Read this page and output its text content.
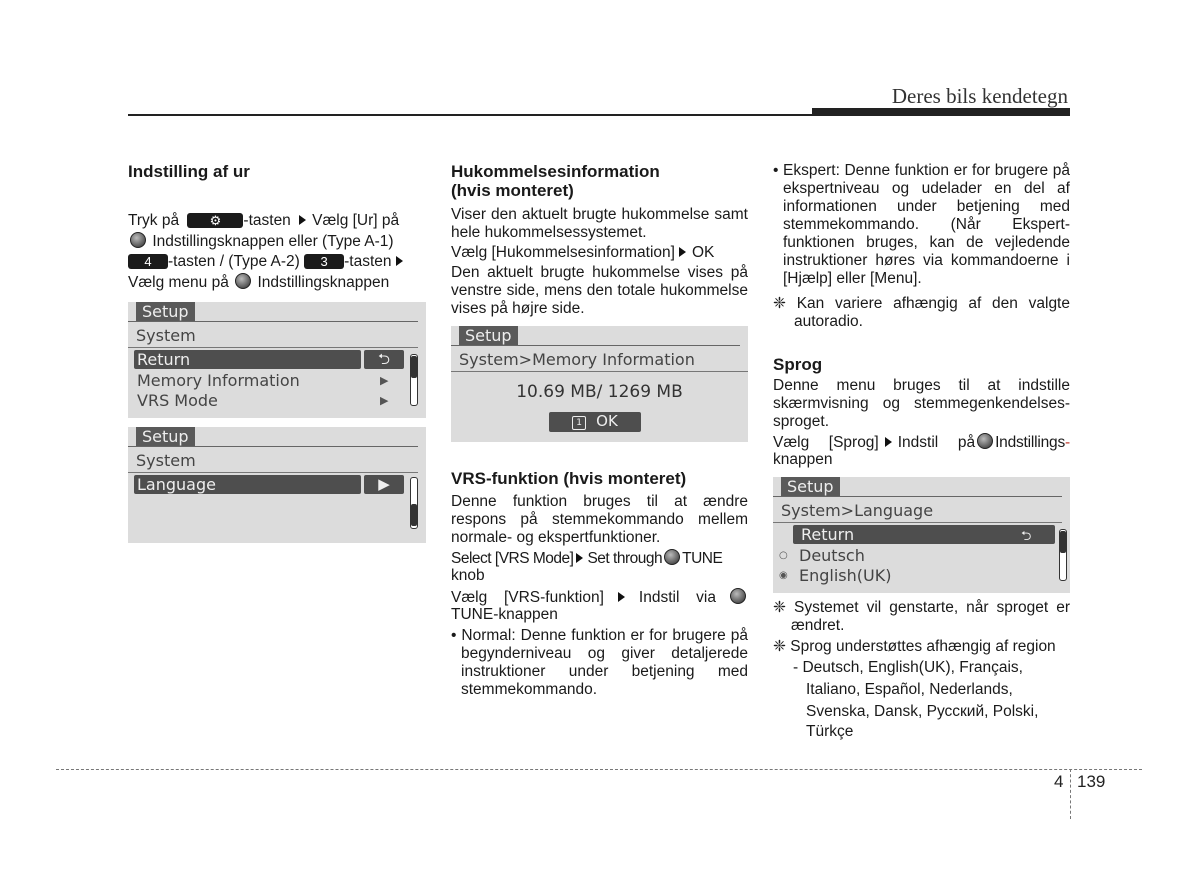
Deres bils kendetegn
Indstilling af ur
Tryk på ⚙ -tasten Vælg [Ur] på
Indstillingsknappen eller (Type A-1)
4 -tasten / (Type A-2) 3 -tasten
Vælg menu på Indstillingsknappen
Setup
System
Return	⮌
Memory Information	▶
VRS Mode	▶
Setup
System
Language	▶
Hukommelsesinformation
(hvis monteret)
Viser den aktuelt brugte hukommelse samt hele hukommelsessystemet.
Vælg [Hukommelsesinformation] OK
Den aktuelt brugte hukommelse vises på venstre side, mens den totale hukommelse vises på højre side.
Setup
System>Memory Information
10.69 MB/ 1269 MB
1 OK
VRS-funktion (hvis monteret)
Denne funktion bruges til at ændre respons på stemmekommando mellem normale- og ekspertfunktioner.
Select [VRS Mode] Set through TUNE
knob
Vælg [VRS-funktion] Indstil via
TUNE-knappen
• Normal: Denne funktion er for brugere på begynderniveau og giver detaljerede instruktioner under betjening med stemmekommando.
• Ekspert: Denne funktion er for brugere på ekspertniveau og udelader en del af informationen under betjening med stemmekommando. (Når Ekspert-funktionen bruges, kan de vejledende instruktioner høres via kommandoerne i [Hjælp] eller [Menu].
❈ Kan variere afhængig af den valgte autoradio.
Sprog
Denne menu bruges til at indstille skærmvisning og stemmegenkendelses-sproget.
Vælg [Sprog] Indstil på Indstillings-
knappen
Setup
System>Language
Return	⮌
○ Deutsch
◉ English(UK)
❈ Systemet vil genstarte, når sproget er ændret.
❈ Sprog understøttes afhængig af region
- Deutsch, English(UK), Français,
Italiano, Español, Nederlands,
Svenska, Dansk, Русский, Polski,
Türkçe
4 139
